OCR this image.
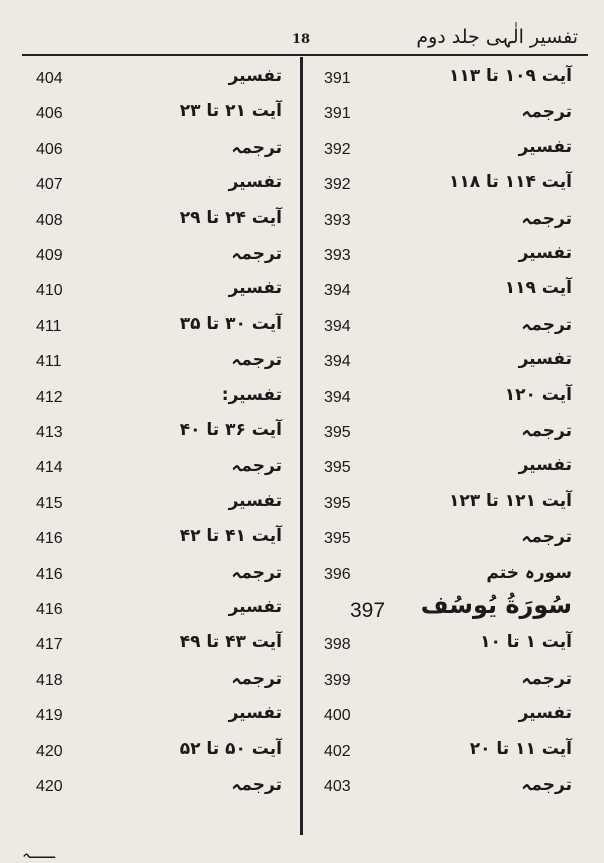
18	تفسیر الٰہی جلد دوم
404	تفسیر
406	آیت ۲۱ تا ۲۳
406	ترجمہ
407	تفسیر
408	آیت ۲۴ تا ۲۹
409	ترجمہ
410	تفسیر
411	آیت ۳۰ تا ۳۵
411	ترجمہ
412	تفسیر:
413	آیت ۳۶ تا ۴۰
414	ترجمہ
415	تفسیر
416	آیت ۴۱ تا ۴۲
416	ترجمہ
416	تفسیر
417	آیت ۴۳ تا ۴۹
418	ترجمہ
419	تفسیر
420	آیت ۵۰ تا ۵۲
420	ترجمہ
391	آیت ۱۰۹ تا ۱۱۳
391	ترجمہ
392	تفسیر
392	آیت ۱۱۴ تا ۱۱۸
393	ترجمہ
393	تفسیر
394	آیت ۱۱۹
394	ترجمہ
394	تفسیر
394	آیت ۱۲۰
395	ترجمہ
395	تفسیر
395	آیت ۱۲۱ تا ۱۲۳
395	ترجمہ
396	سورہ ختم
397 سُورَةُ يُوسُف
398	آیت ۱ تا ۱۰
399	ترجمہ
400	تفسیر
402	آیت ۱۱ تا ۲۰
403	ترجمہ
ـــہ
